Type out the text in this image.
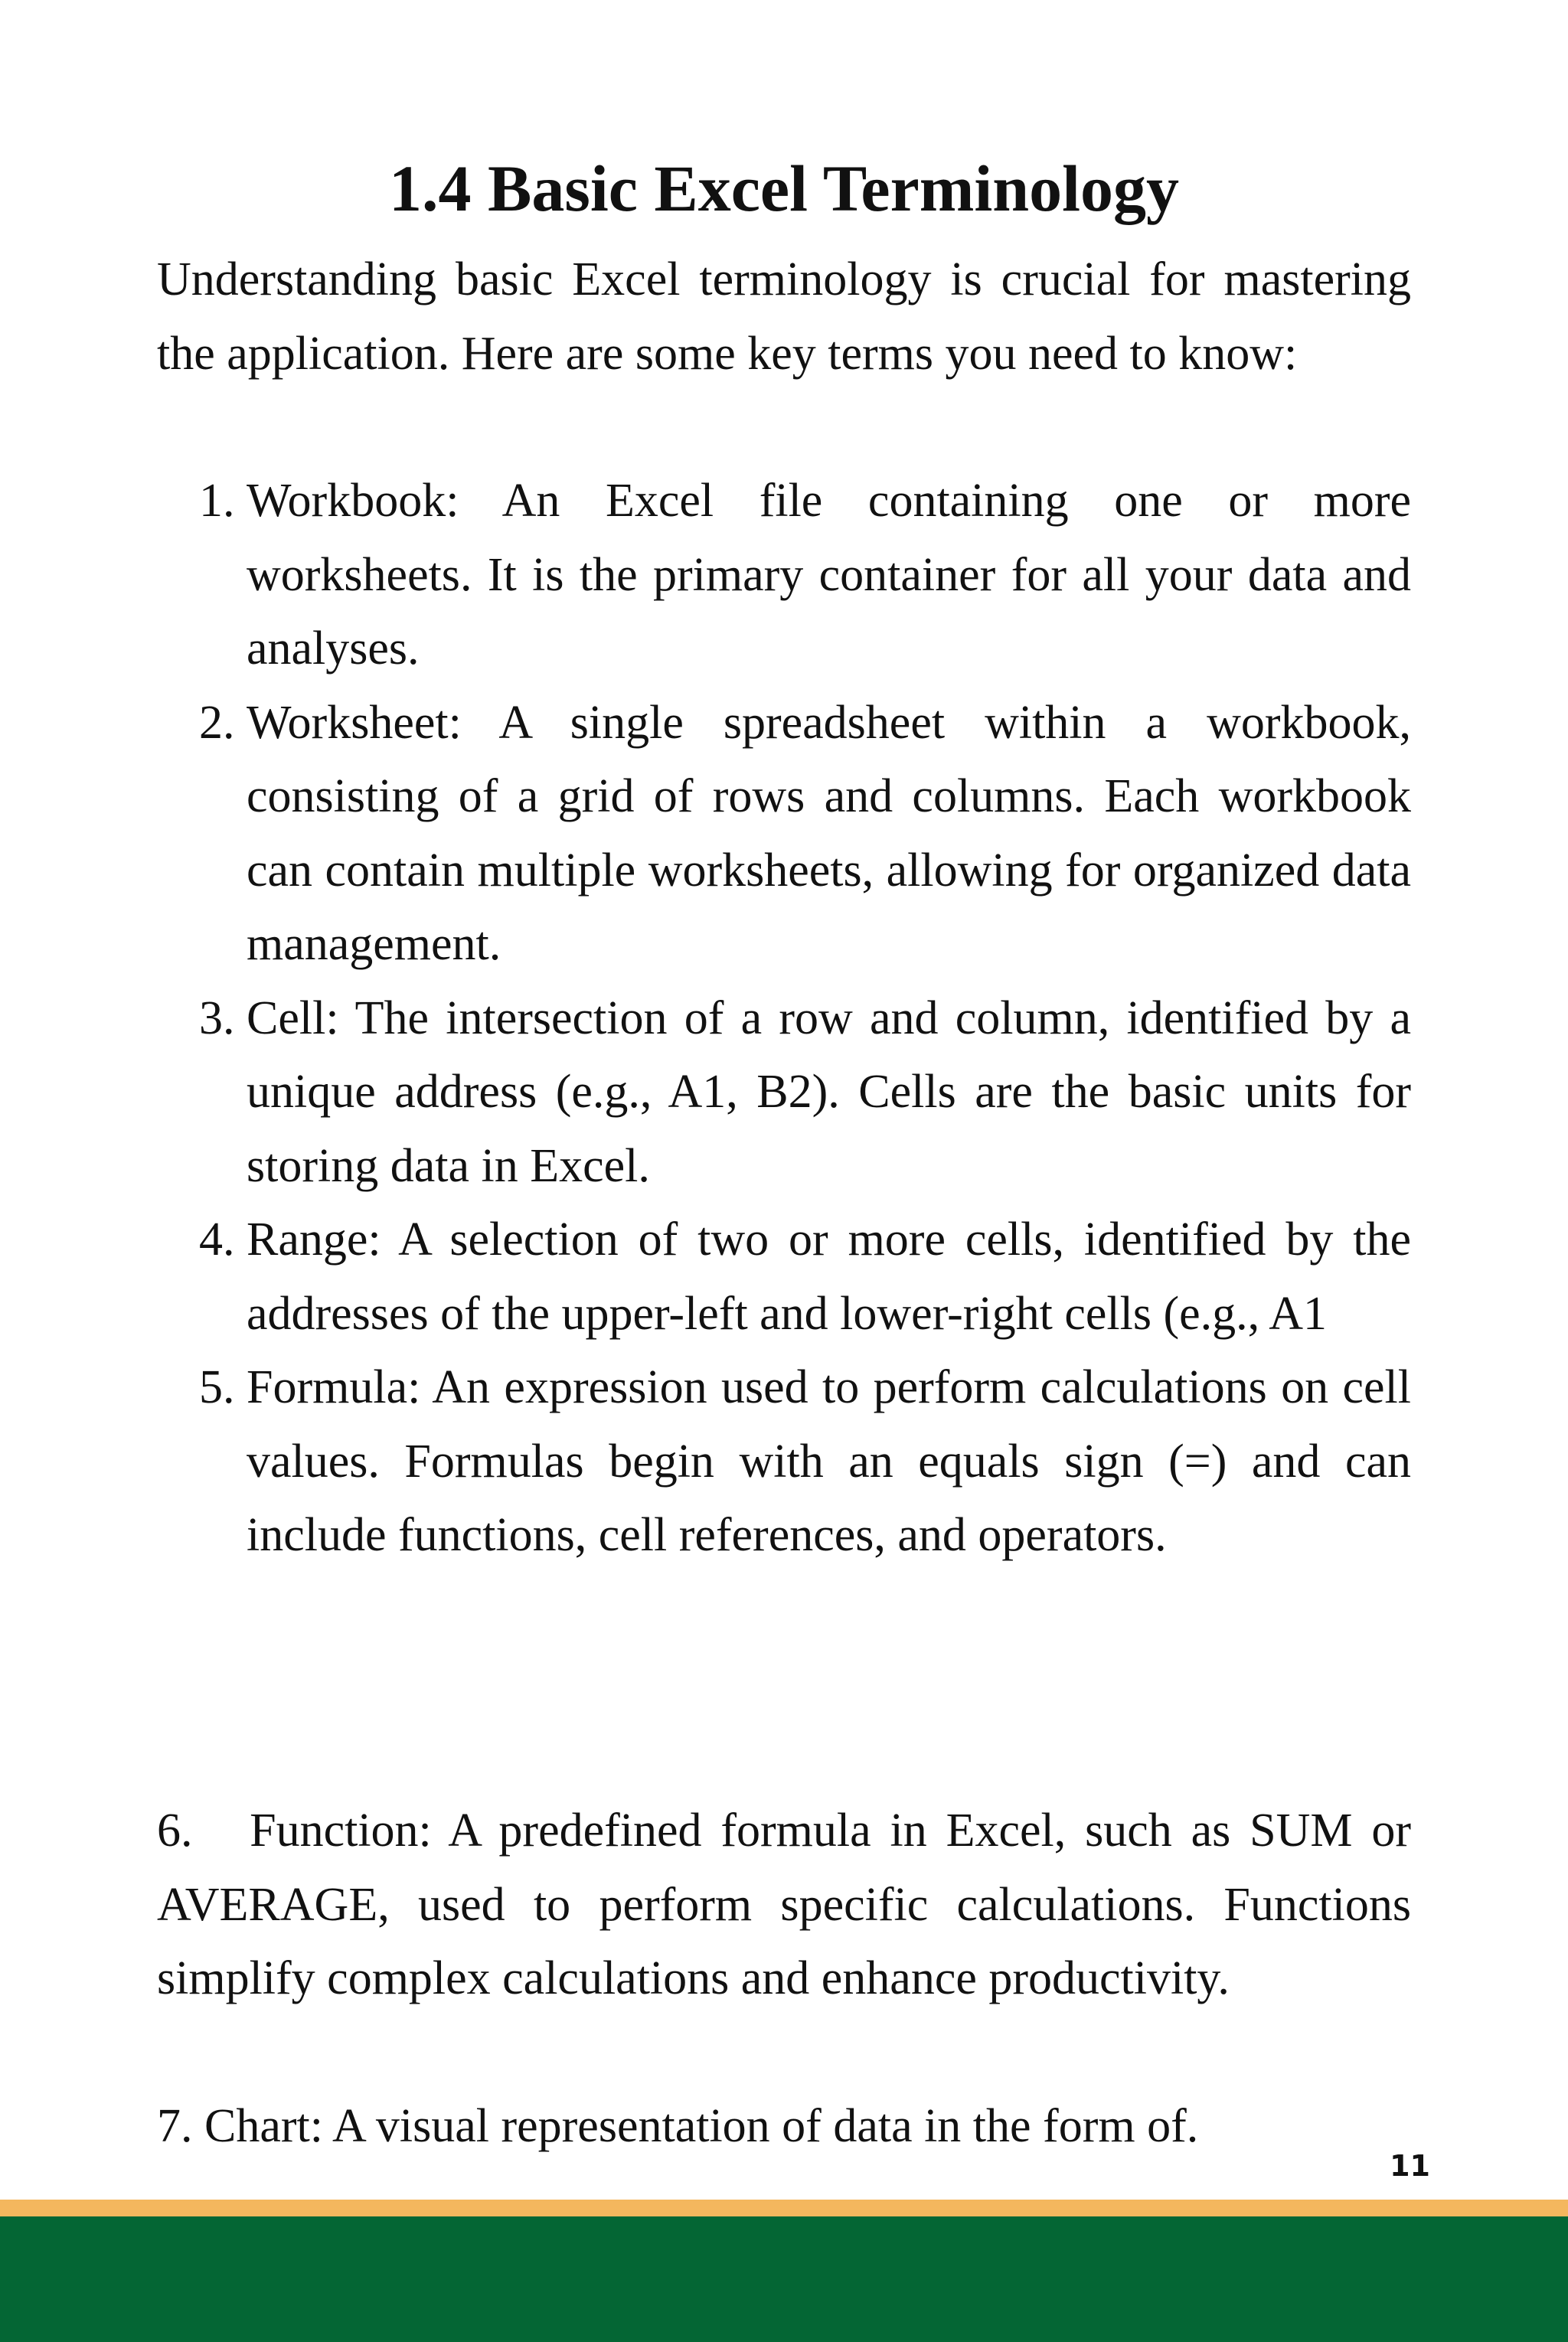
1.4 Basic Excel Terminology

Understanding basic Excel terminology is crucial for mastering the application. Here are some key terms you need to know:

1. Workbook: An Excel file containing one or more worksheets. It is the primary container for all your data and analyses.
2. Worksheet: A single spreadsheet within a workbook, consisting of a grid of rows and columns. Each workbook can contain multiple worksheets, allowing for organized data management.
3. Cell: The intersection of a row and column, identified by a unique address (e.g., A1, B2). Cells are the basic units for storing data in Excel.
4. Range: A selection of two or more cells, identified by the addresses of the upper-left and lower-right cells (e.g., A1
5. Formula: An expression used to perform calculations on cell values. Formulas begin with an equals sign (=) and can include functions, cell references, and operators.

6.   Function: A predefined formula in Excel, such as SUM or AVERAGE, used to perform specific calculations. Functions simplify complex calculations and enhance productivity.

7. Chart: A visual representation of data in the form of.

11
